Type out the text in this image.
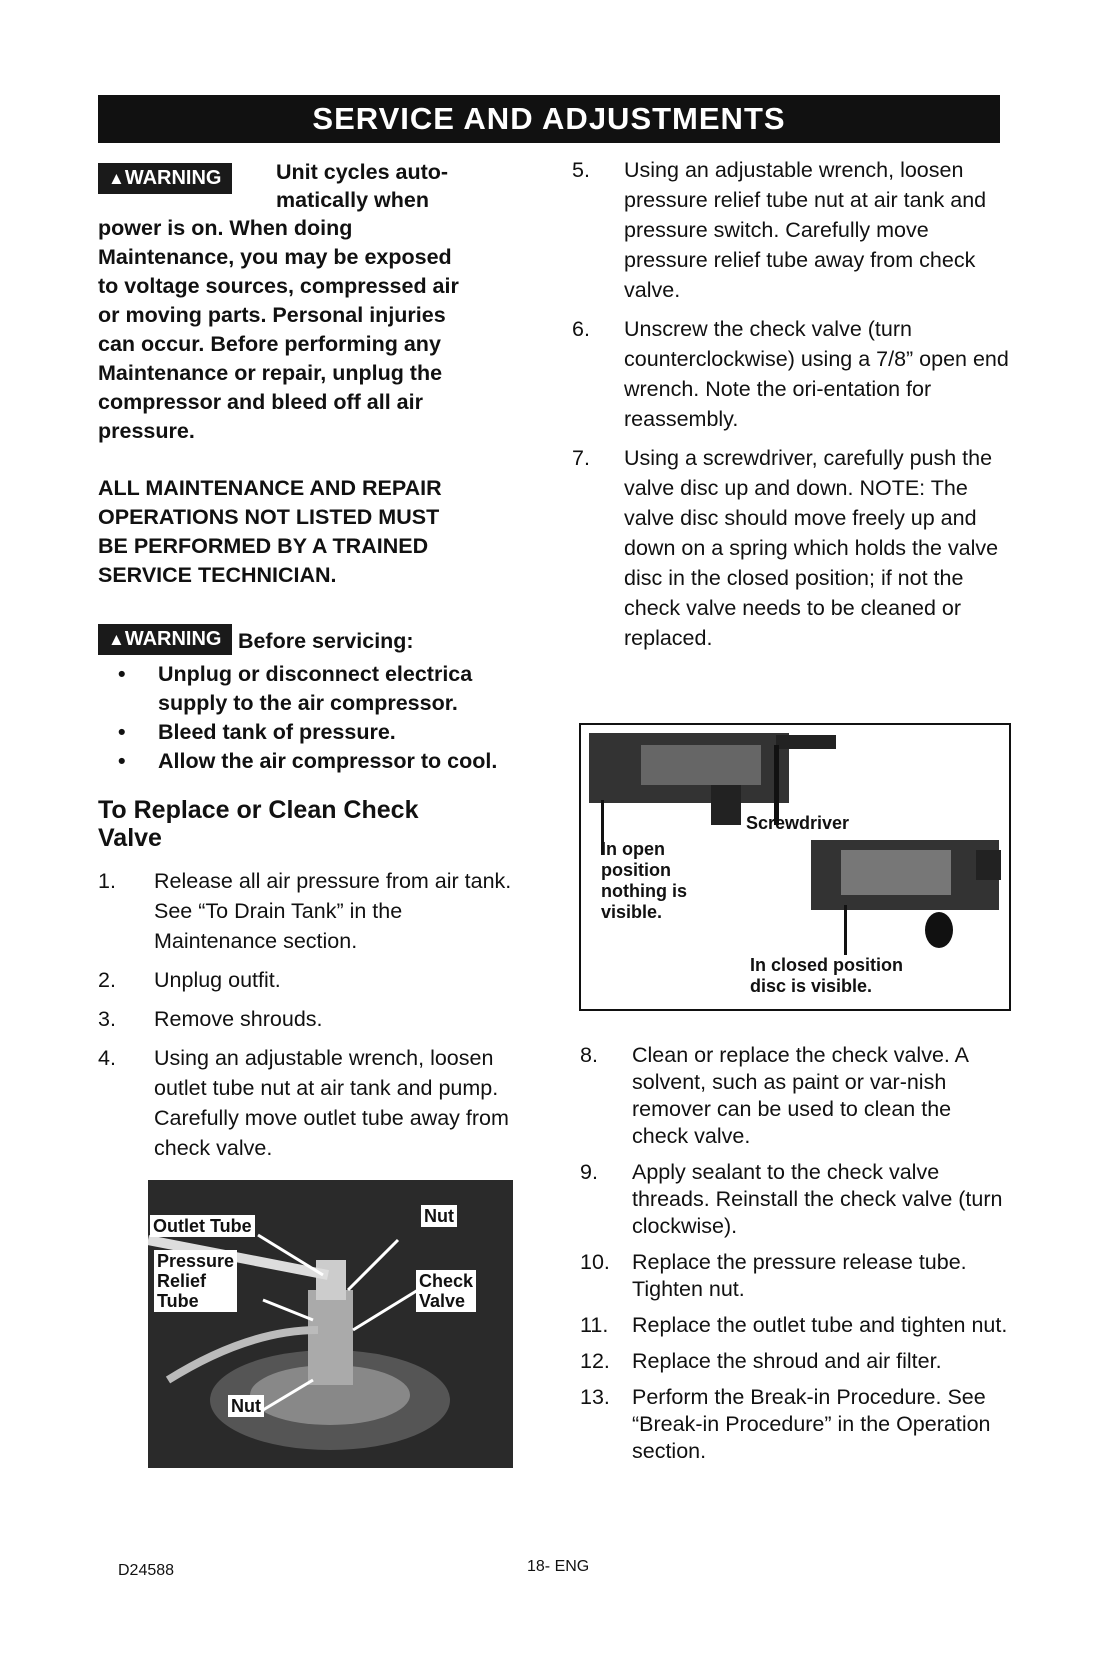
SERVICE AND ADJUSTMENTS
▲WARNING	Unit cycles auto-
matically when
power is on. When doing
Maintenance, you may be exposed
to voltage sources, compressed air
or moving parts. Personal injuries
can occur. Before performing any
Maintenance or repair, unplug the
compressor and bleed off all air
pressure.
ALL MAINTENANCE AND REPAIR
OPERATIONS NOT LISTED MUST
BE PERFORMED BY A TRAINED
SERVICE TECHNICIAN.
▲WARNING Before servicing:
• Unplug or disconnect electrica supply to the air compressor.
• Bleed tank of pressure.
• Allow the air compressor to cool.
To Replace or Clean Check Valve
1. Release all air pressure from air tank. See “To Drain Tank” in the Maintenance section.
2. Unplug outfit.
3. Remove shrouds.
4. Using an adjustable wrench, loosen outlet tube nut at air tank and pump. Carefully move outlet tube away from check valve.
Outlet Tube	Nut
Pressure
Relief
Tube
Check
Valve
Nut
5. Using an adjustable wrench, loosen pressure relief tube nut at air tank and pressure switch. Carefully move pressure relief tube away from check valve.
6. Unscrew the check valve (turn counterclockwise) using a 7/8” open end wrench. Note the ori-entation for reassembly.
7. Using a screwdriver, carefully push the valve disc up and down. NOTE: The valve disc should move freely up and down on a spring which holds the valve disc in the closed position; if not the check valve needs to be cleaned or replaced.
Screwdriver
In open
position
nothing is
visible.
In closed position
disc is visible.
8. Clean or replace the check valve. A solvent, such as paint or var-nish remover can be used to clean the check valve.
9. Apply sealant to the check valve threads. Reinstall the check valve (turn clockwise).
10. Replace the pressure release tube. Tighten nut.
11. Replace the outlet tube and tighten nut.
12. Replace the shroud and air filter.
13. Perform the Break-in Procedure. See “Break-in Procedure” in the Operation section.
D24588	18- ENG
